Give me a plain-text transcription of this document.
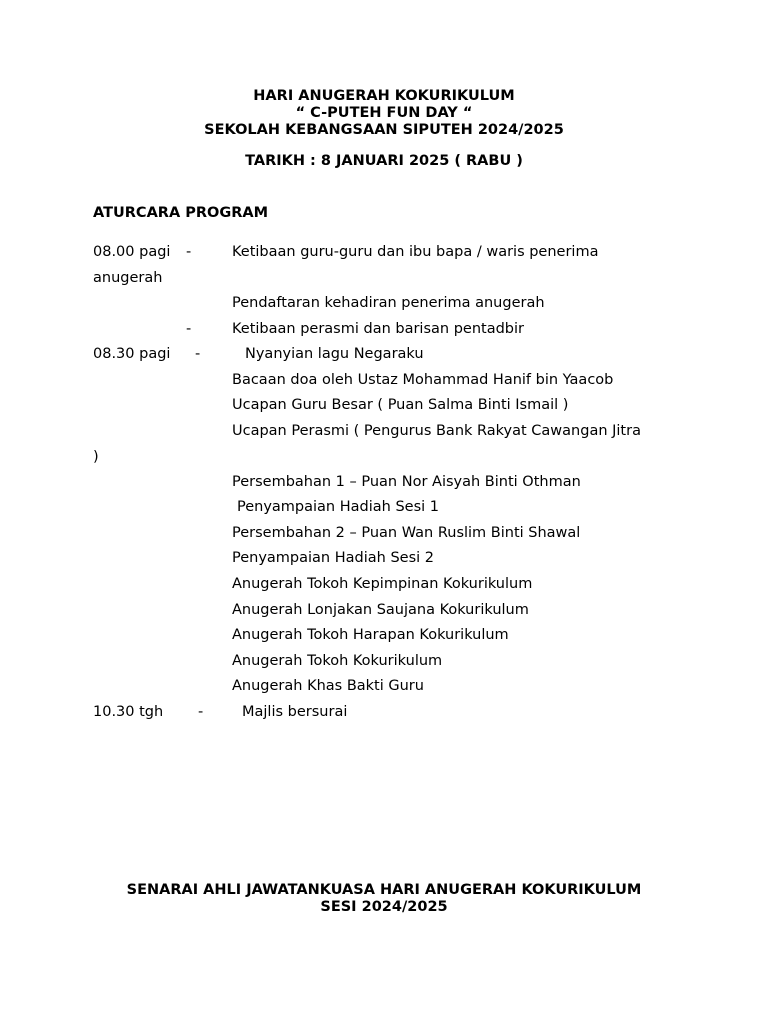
HARI ANUGERAH KOKURIKULUM
“ C-PUTEH FUN DAY “
SEKOLAH KEBANGSAAN SIPUTEH 2024/2025
TARIKH : 8 JANUARI 2025 ( RABU )
ATURCARA PROGRAM
08.00 pagi -	Ketibaan guru-guru dan ibu bapa / waris penerima
anugerah
Pendaftaran kehadiran penerima anugerah
-	Ketibaan perasmi dan barisan pentadbir
08.30 pagi -	Nyanyian lagu Negaraku
Bacaan doa oleh Ustaz Mohammad Hanif bin Yaacob
Ucapan Guru Besar ( Puan Salma Binti Ismail )
Ucapan Perasmi ( Pengurus Bank Rakyat Cawangan Jitra
)
Persembahan 1 – Puan Nor Aisyah Binti Othman
Penyampaian Hadiah Sesi 1
Persembahan 2 – Puan Wan Ruslim Binti Shawal
Penyampaian Hadiah Sesi 2
Anugerah Tokoh Kepimpinan Kokurikulum
Anugerah Lonjakan Saujana Kokurikulum
Anugerah Tokoh Harapan Kokurikulum
Anugerah Tokoh Kokurikulum
Anugerah Khas Bakti Guru
10.30 tgh -	Majlis bersurai
SENARAI AHLI JAWATANKUASA HARI ANUGERAH KOKURIKULUM
SESI 2024/2025
